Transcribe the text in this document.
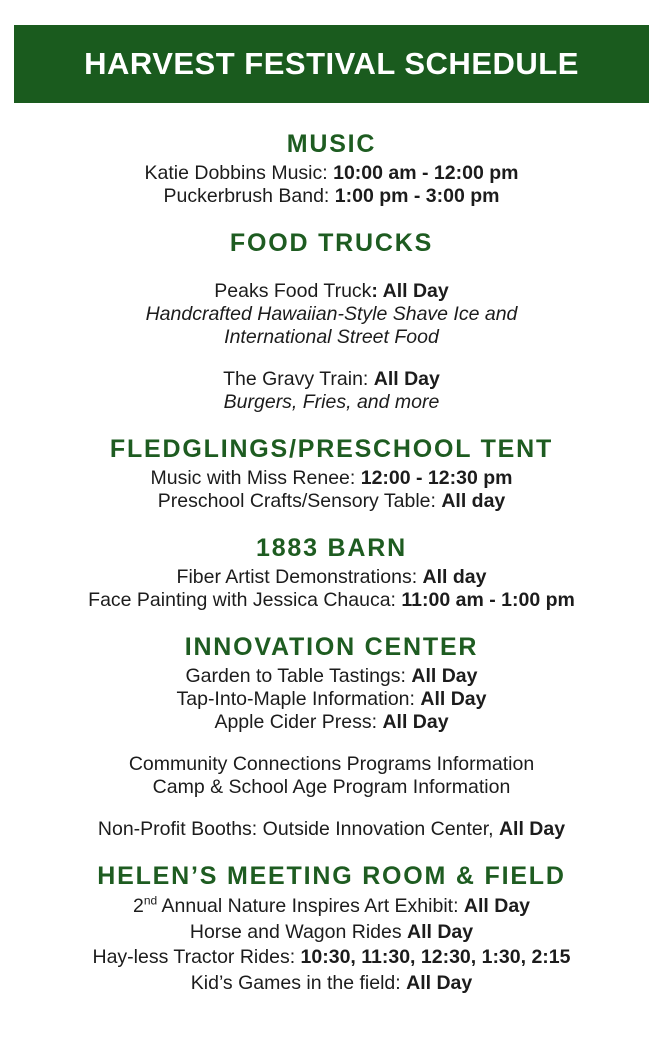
HARVEST FESTIVAL SCHEDULE
MUSIC

Katie Dobbins Music: 10:00 am - 12:00 pm

Puckerbrush Band: 1:00 pm - 3:00 pm

FOOD TRUCKS

Peaks Food Truck: All Day

Handcrafted Hawaiian-Style Shave Ice and

International Street Food

The Gravy Train: All Day

Burgers, Fries, and more

FLEDGLINGS/PRESCHOOL TENT

Music with Miss Renee: 12:00 - 12:30 pm

Preschool Crafts/Sensory Table: All day

1883 BARN

Fiber Artist Demonstrations: All day

Face Painting with Jessica Chauca: 11:00 am - 1:00 pm

INNOVATION CENTER

Garden to Table Tastings: All Day

Tap-Into-Maple Information: All Day

Apple Cider Press: All Day

Community Connections Programs Information

Camp & School Age Program Information

Non-Profit Booths: Outside Innovation Center, All Day

HELEN’S MEETING ROOM & FIELD

2nd Annual Nature Inspires Art Exhibit: All Day

Horse and Wagon Rides All Day

Hay-less Tractor Rides: 10:30, 11:30, 12:30, 1:30, 2:15

Kid’s Games in the field: All Day
